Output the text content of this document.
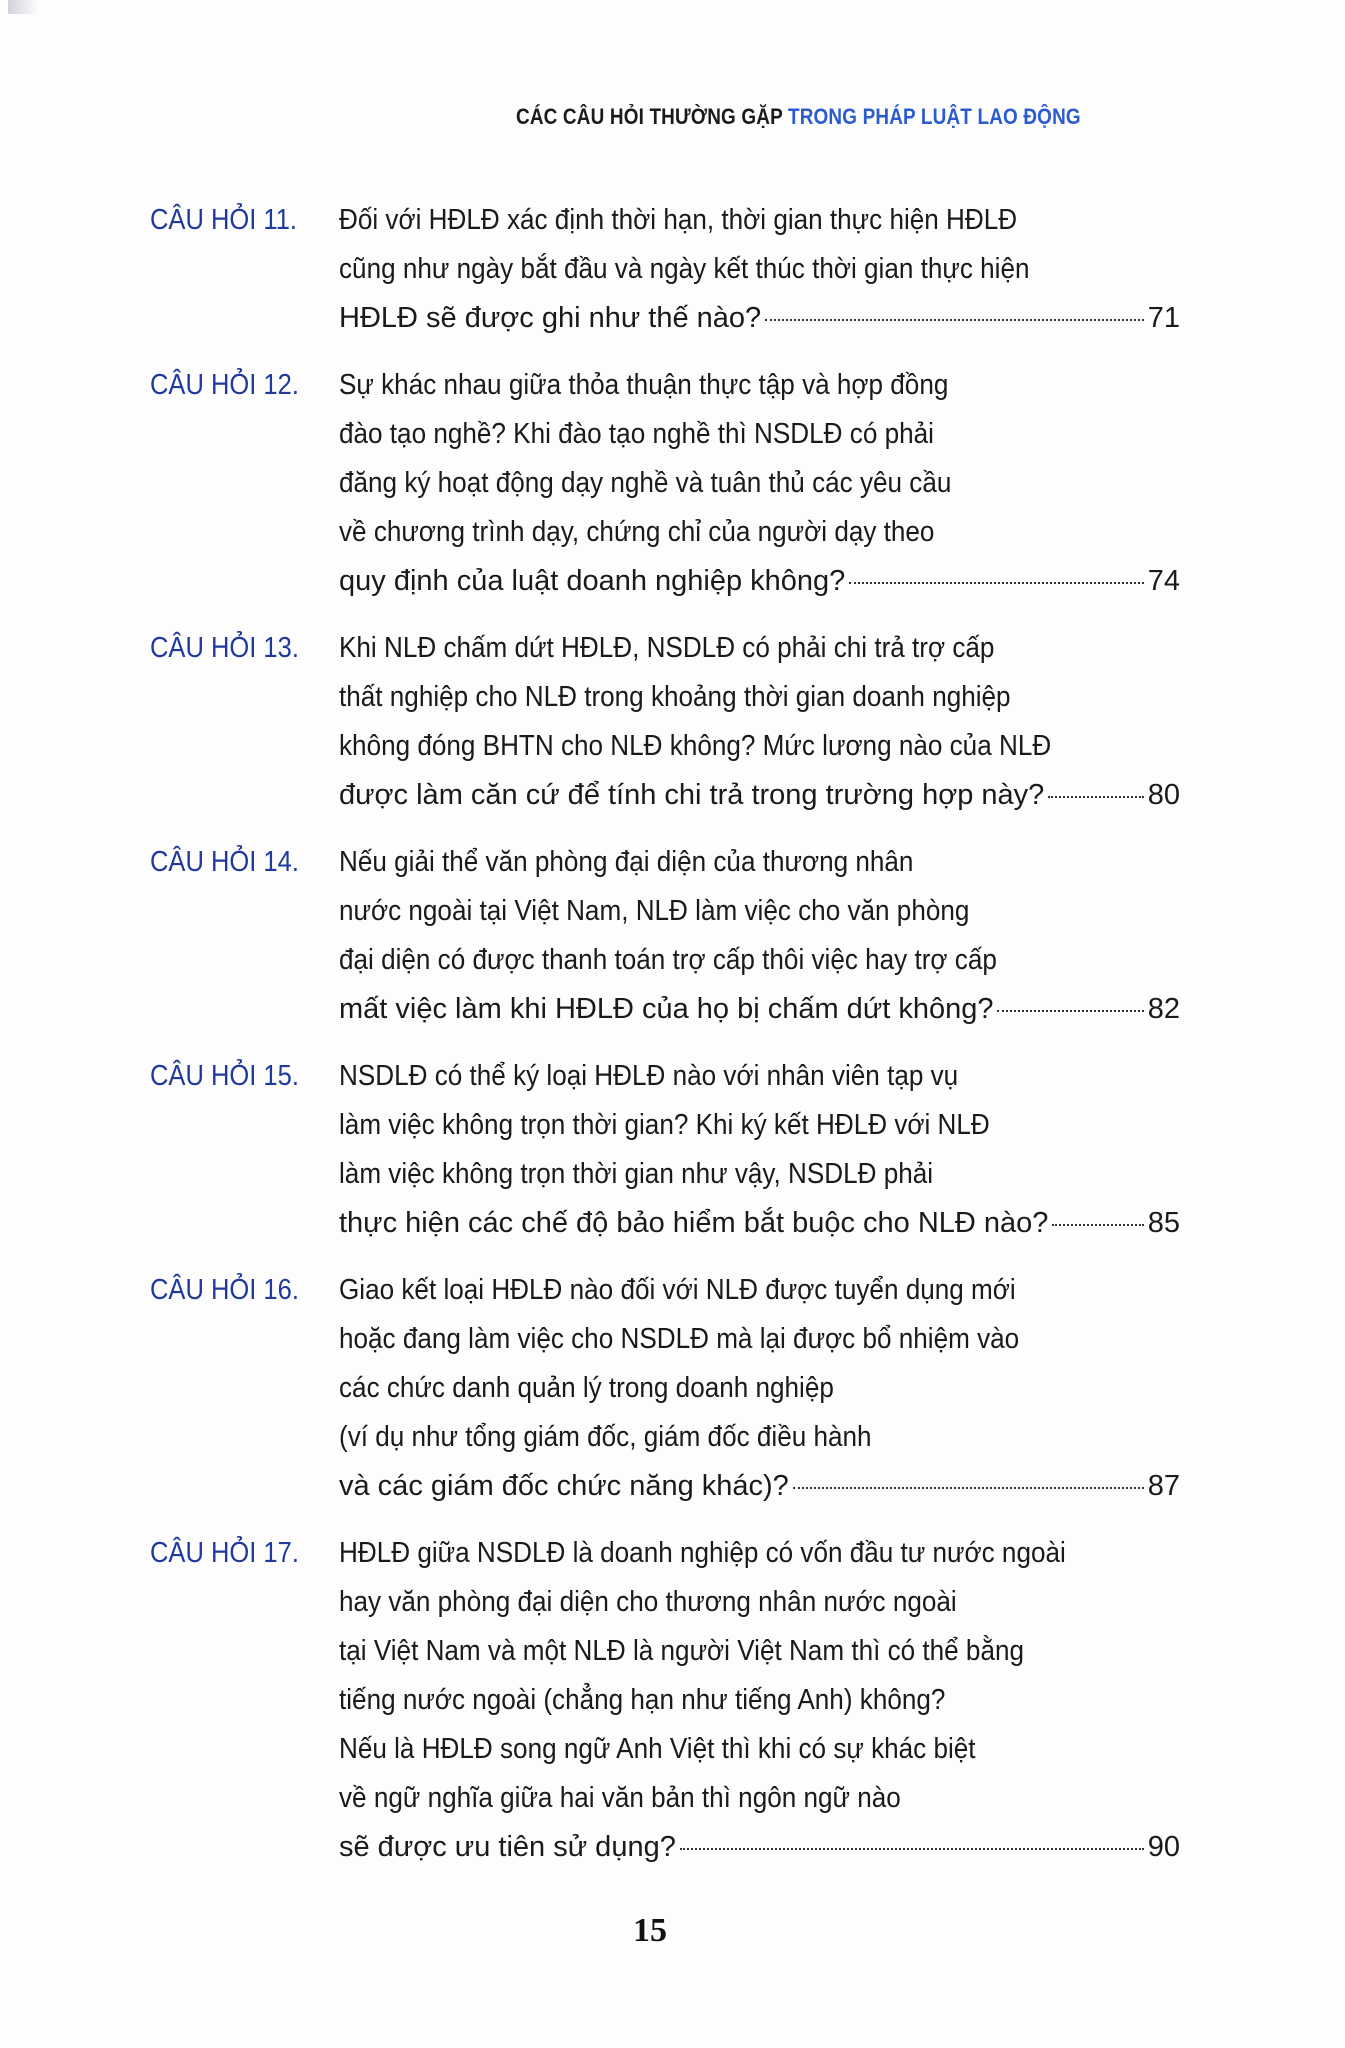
CÁC CÂU HỎI THƯỜNG GẶP TRONG PHÁP LUẬT LAO ĐỘNG
CÂU HỎI 11.	Đối với HĐLĐ xác định thời hạn, thời gian thực hiện HĐLĐ
cũng như ngày bắt đầu và ngày kết thúc thời gian thực hiện
HĐLĐ sẽ được ghi như thế nào?	71
CÂU HỎI 12.	Sự khác nhau giữa thỏa thuận thực tập và hợp đồng
đào tạo nghề? Khi đào tạo nghề thì NSDLĐ có phải
đăng ký hoạt động dạy nghề và tuân thủ các yêu cầu
về chương trình dạy, chứng chỉ của người dạy theo
quy định của luật doanh nghiệp không?	74
CÂU HỎI 13.	Khi NLĐ chấm dứt HĐLĐ, NSDLĐ có phải chi trả trợ cấp
thất nghiệp cho NLĐ trong khoảng thời gian doanh nghiệp
không đóng BHTN cho NLĐ không? Mức lương nào của NLĐ
được làm căn cứ để tính chi trả trong trường hợp này?	80
CÂU HỎI 14.	Nếu giải thể văn phòng đại diện của thương nhân
nước ngoài tại Việt Nam, NLĐ làm việc cho văn phòng
đại diện có được thanh toán trợ cấp thôi việc hay trợ cấp
mất việc làm khi HĐLĐ của họ bị chấm dứt không?	82
CÂU HỎI 15.	NSDLĐ có thể ký loại HĐLĐ nào với nhân viên tạp vụ
làm việc không trọn thời gian? Khi ký kết HĐLĐ với NLĐ
làm việc không trọn thời gian như vậy, NSDLĐ phải
thực hiện các chế độ bảo hiểm bắt buộc cho NLĐ nào?	85
CÂU HỎI 16.	Giao kết loại HĐLĐ nào đối với NLĐ được tuyển dụng mới
hoặc đang làm việc cho NSDLĐ mà lại được bổ nhiệm vào
các chức danh quản lý trong doanh nghiệp
(ví dụ như tổng giám đốc, giám đốc điều hành
và các giám đốc chức năng khác)?	87
CÂU HỎI 17.	HĐLĐ giữa NSDLĐ là doanh nghiệp có vốn đầu tư nước ngoài
hay văn phòng đại diện cho thương nhân nước ngoài
tại Việt Nam và một NLĐ là người Việt Nam thì có thể bằng
tiếng nước ngoài (chẳng hạn như tiếng Anh) không?
Nếu là HĐLĐ song ngữ Anh Việt thì khi có sự khác biệt
về ngữ nghĩa giữa hai văn bản thì ngôn ngữ nào
sẽ được ưu tiên sử dụng?	90
15
